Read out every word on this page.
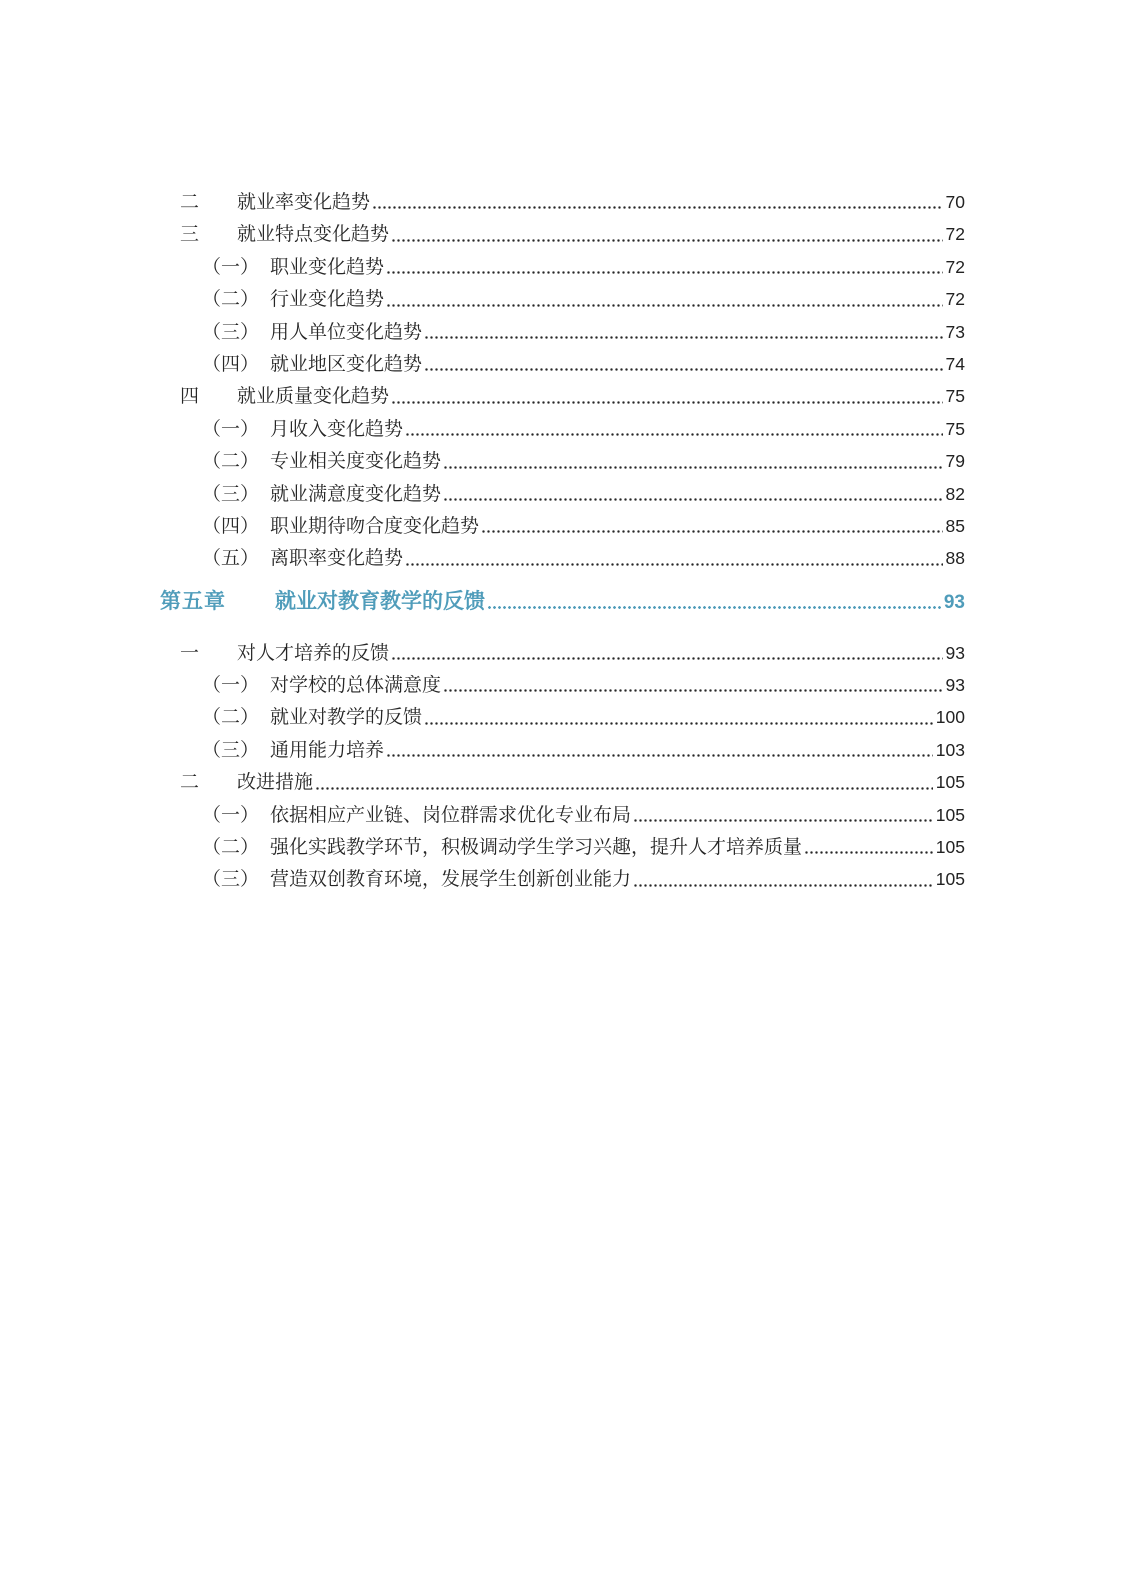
二	就业率变化趋势	70
三	就业特点变化趋势	72
（一） 职业变化趋势	72
（二） 行业变化趋势	72
（三） 用人单位变化趋势	73
（四） 就业地区变化趋势	74
四	就业质量变化趋势	75
（一） 月收入变化趋势	75
（二） 专业相关度变化趋势	79
（三） 就业满意度变化趋势	82
（四） 职业期待吻合度变化趋势	85
（五） 离职率变化趋势	88
第五章	就业对教育教学的反馈	93
一	对人才培养的反馈	93
（一） 对学校的总体满意度	93
（二） 就业对教学的反馈	100
（三） 通用能力培养	103
二	改进措施	105
（一） 依据相应产业链、岗位群需求优化专业布局	105
（二） 强化实践教学环节，积极调动学生学习兴趣，提升人才培养质量	105
（三） 营造双创教育环境，发展学生创新创业能力	105
